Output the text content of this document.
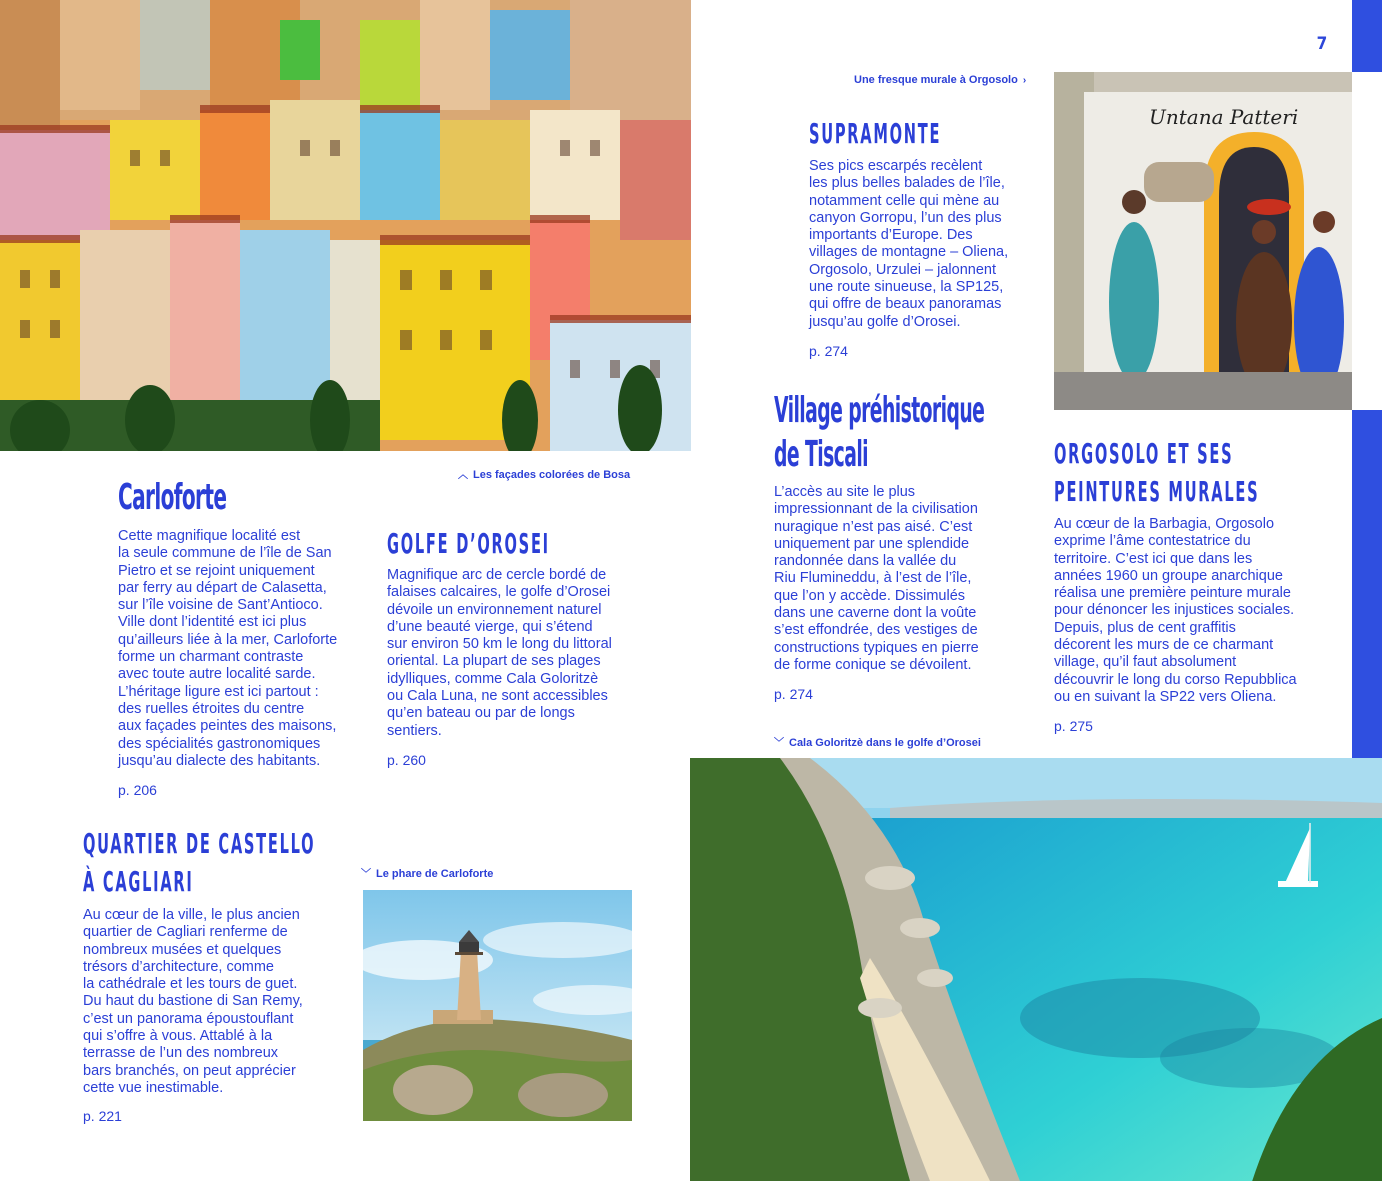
︿ Les façades colorées de Bosa
7
Carloforte
Cette magnifique localité est
la seule commune de l’île de San
Pietro et se rejoint uniquement
par ferry au départ de Calasetta,
sur l’île voisine de Sant’Antioco.
Ville dont l’identité est ici plus
qu’ailleurs liée à la mer, Carloforte
forme un charmant contraste
avec toute autre localité sarde.
L’héritage ligure est ici partout :
des ruelles étroites du centre
aux façades peintes des maisons,
des spécialités gastronomiques
jusqu’au dialecte des habitants.
p. 206
GOLFE D’OROSEI
Magnifique arc de cercle bordé de
falaises calcaires, le golfe d’Orosei
dévoile un environnement naturel
d’une beauté vierge, qui s’étend
sur environ 50 km le long du littoral
oriental. La plupart de ses plages
idylliques, comme Cala Goloritzè
ou Cala Luna, ne sont accessibles
qu’en bateau ou par de longs
sentiers.
p. 260
QUARTIER DE CASTELLO
À CAGLIARI
Au cœur de la ville, le plus ancien
quartier de Cagliari renferme de
nombreux musées et quelques
trésors d’architecture, comme
la cathédrale et les tours de guet.
Du haut du bastione di San Remy,
c’est un panorama époustouflant
qui s’offre à vous. Attablé à la
terrasse de l’un des nombreux
bars branchés, on peut apprécier
cette vue inestimable.
p. 221
﹀ Le phare de Carloforte
Une fresque murale à Orgosolo ›
SUPRAMONTE
Ses pics escarpés recèlent
les plus belles balades de l’île,
notamment celle qui mène au
canyon Gorropu, l’un des plus
importants d’Europe. Des
villages de montagne – Oliena,
Orgosolo, Urzulei – jalonnent
une route sinueuse, la SP125,
qui offre de beaux panoramas
jusqu’au golfe d’Orosei.
p. 274
Untana Patteri
Village préhistorique
de Tiscali
L’accès au site le plus
impressionnant de la civilisation
nuragique n’est pas aisé. C’est
uniquement par une splendide
randonnée dans la vallée du
Riu Flumineddu, à l’est de l’île,
que l’on y accède. Dissimulés
dans une caverne dont la voûte
s’est effondrée, des vestiges de
constructions typiques en pierre
de forme conique se dévoilent.
p. 274
ORGOSOLO ET SES
PEINTURES MURALES
Au cœur de la Barbagia, Orgosolo
exprime l’âme contestatrice du
territoire. C’est ici que dans les
années 1960 un groupe anarchique
réalisa une première peinture murale
pour dénoncer les injustices sociales.
Depuis, plus de cent graffitis
décorent les murs de ce charmant
village, qu’il faut absolument
découvrir le long du corso Repubblica
ou en suivant la SP22 vers Oliena.
p. 275
﹀ Cala Goloritzè dans le golfe d’Orosei
